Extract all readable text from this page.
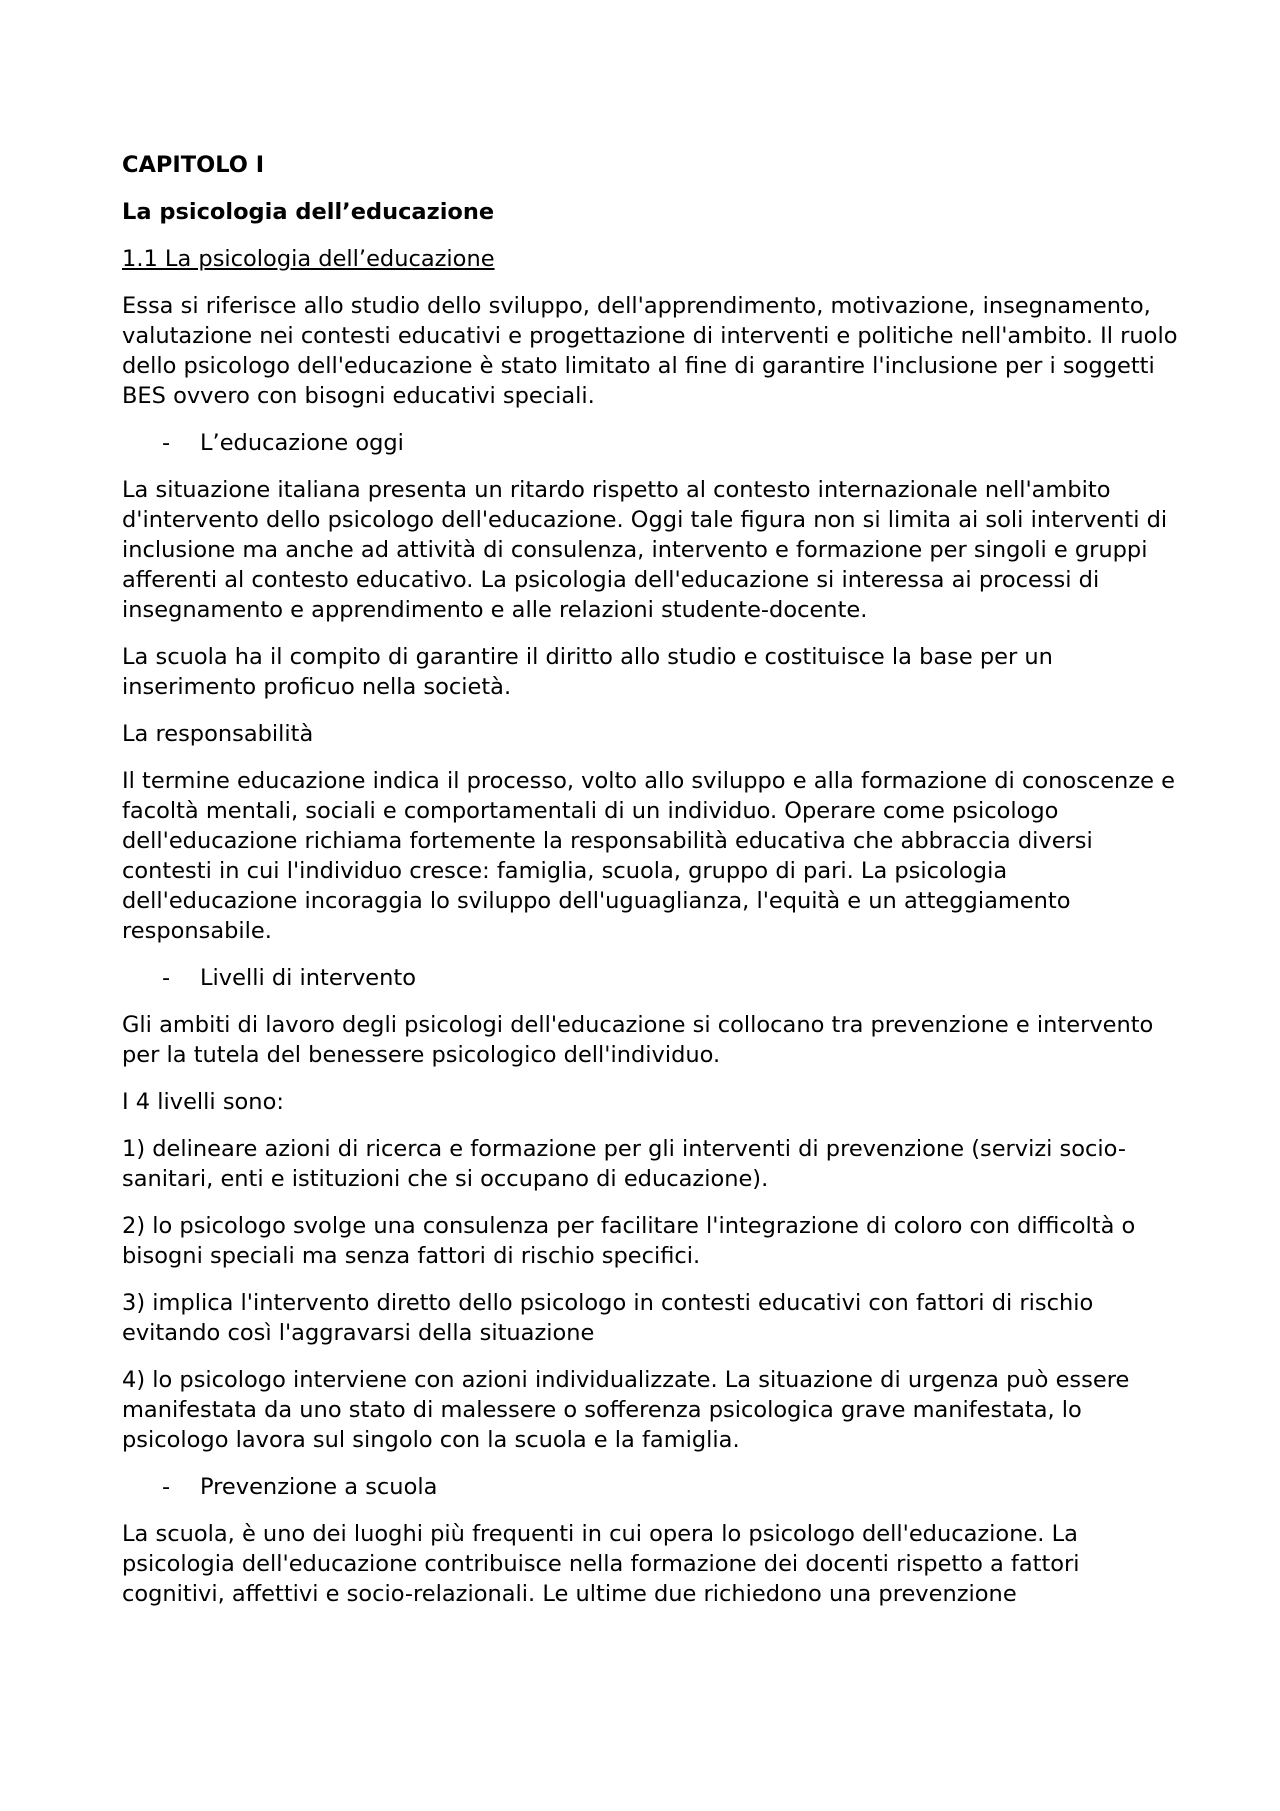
CAPITOLO I
La psicologia dell’educazione
1.1 La psicologia dell’educazione

Essa si riferisce allo studio dello sviluppo, dell'apprendimento, motivazione, insegnamento, valutazione nei contesti educativi e progettazione di interventi e politiche nell'ambito. Il ruolo dello psicologo dell'educazione è stato limitato al fine di garantire l'inclusione per i soggetti BES ovvero con bisogni educativi speciali.

-	L’educazione oggi

La situazione italiana presenta un ritardo rispetto al contesto internazionale nell'ambito d'intervento dello psicologo dell'educazione. Oggi tale figura non si limita ai soli interventi di inclusione ma anche ad attività di consulenza, intervento e formazione per singoli e gruppi afferenti al contesto educativo. La psicologia dell'educazione si interessa ai processi di insegnamento e apprendimento e alle relazioni studente-docente.

La scuola ha il compito di garantire il diritto allo studio e costituisce la base per un inserimento proficuo nella società.

La responsabilità

Il termine educazione indica il processo, volto allo sviluppo e alla formazione di conoscenze e facoltà mentali, sociali e comportamentali di un individuo. Operare come psicologo dell'educazione richiama fortemente la responsabilità educativa che abbraccia diversi contesti in cui l'individuo cresce: famiglia, scuola, gruppo di pari. La psicologia dell'educazione incoraggia lo sviluppo dell'uguaglianza, l'equità e un atteggiamento responsabile.

-	Livelli di intervento

Gli ambiti di lavoro degli psicologi dell'educazione si collocano tra prevenzione e intervento per la tutela del benessere psicologico dell'individuo.

I 4 livelli sono:

1) delineare azioni di ricerca e formazione per gli interventi di prevenzione (servizi socio-sanitari, enti e istituzioni che si occupano di educazione).

2) lo psicologo svolge una consulenza per facilitare l'integrazione di coloro con difficoltà o bisogni speciali ma senza fattori di rischio specifici.

3) implica l'intervento diretto dello psicologo in contesti educativi con fattori di rischio evitando così l'aggravarsi della situazione

4) lo psicologo interviene con azioni individualizzate. La situazione di urgenza può essere manifestata da uno stato di malessere o sofferenza psicologica grave manifestata, lo psicologo lavora sul singolo con la scuola e la famiglia.

-	Prevenzione a scuola

La scuola, è uno dei luoghi più frequenti in cui opera lo psicologo dell'educazione. La psicologia dell'educazione contribuisce nella formazione dei docenti rispetto a fattori cognitivi, affettivi e socio-relazionali. Le ultime due richiedono una prevenzione
